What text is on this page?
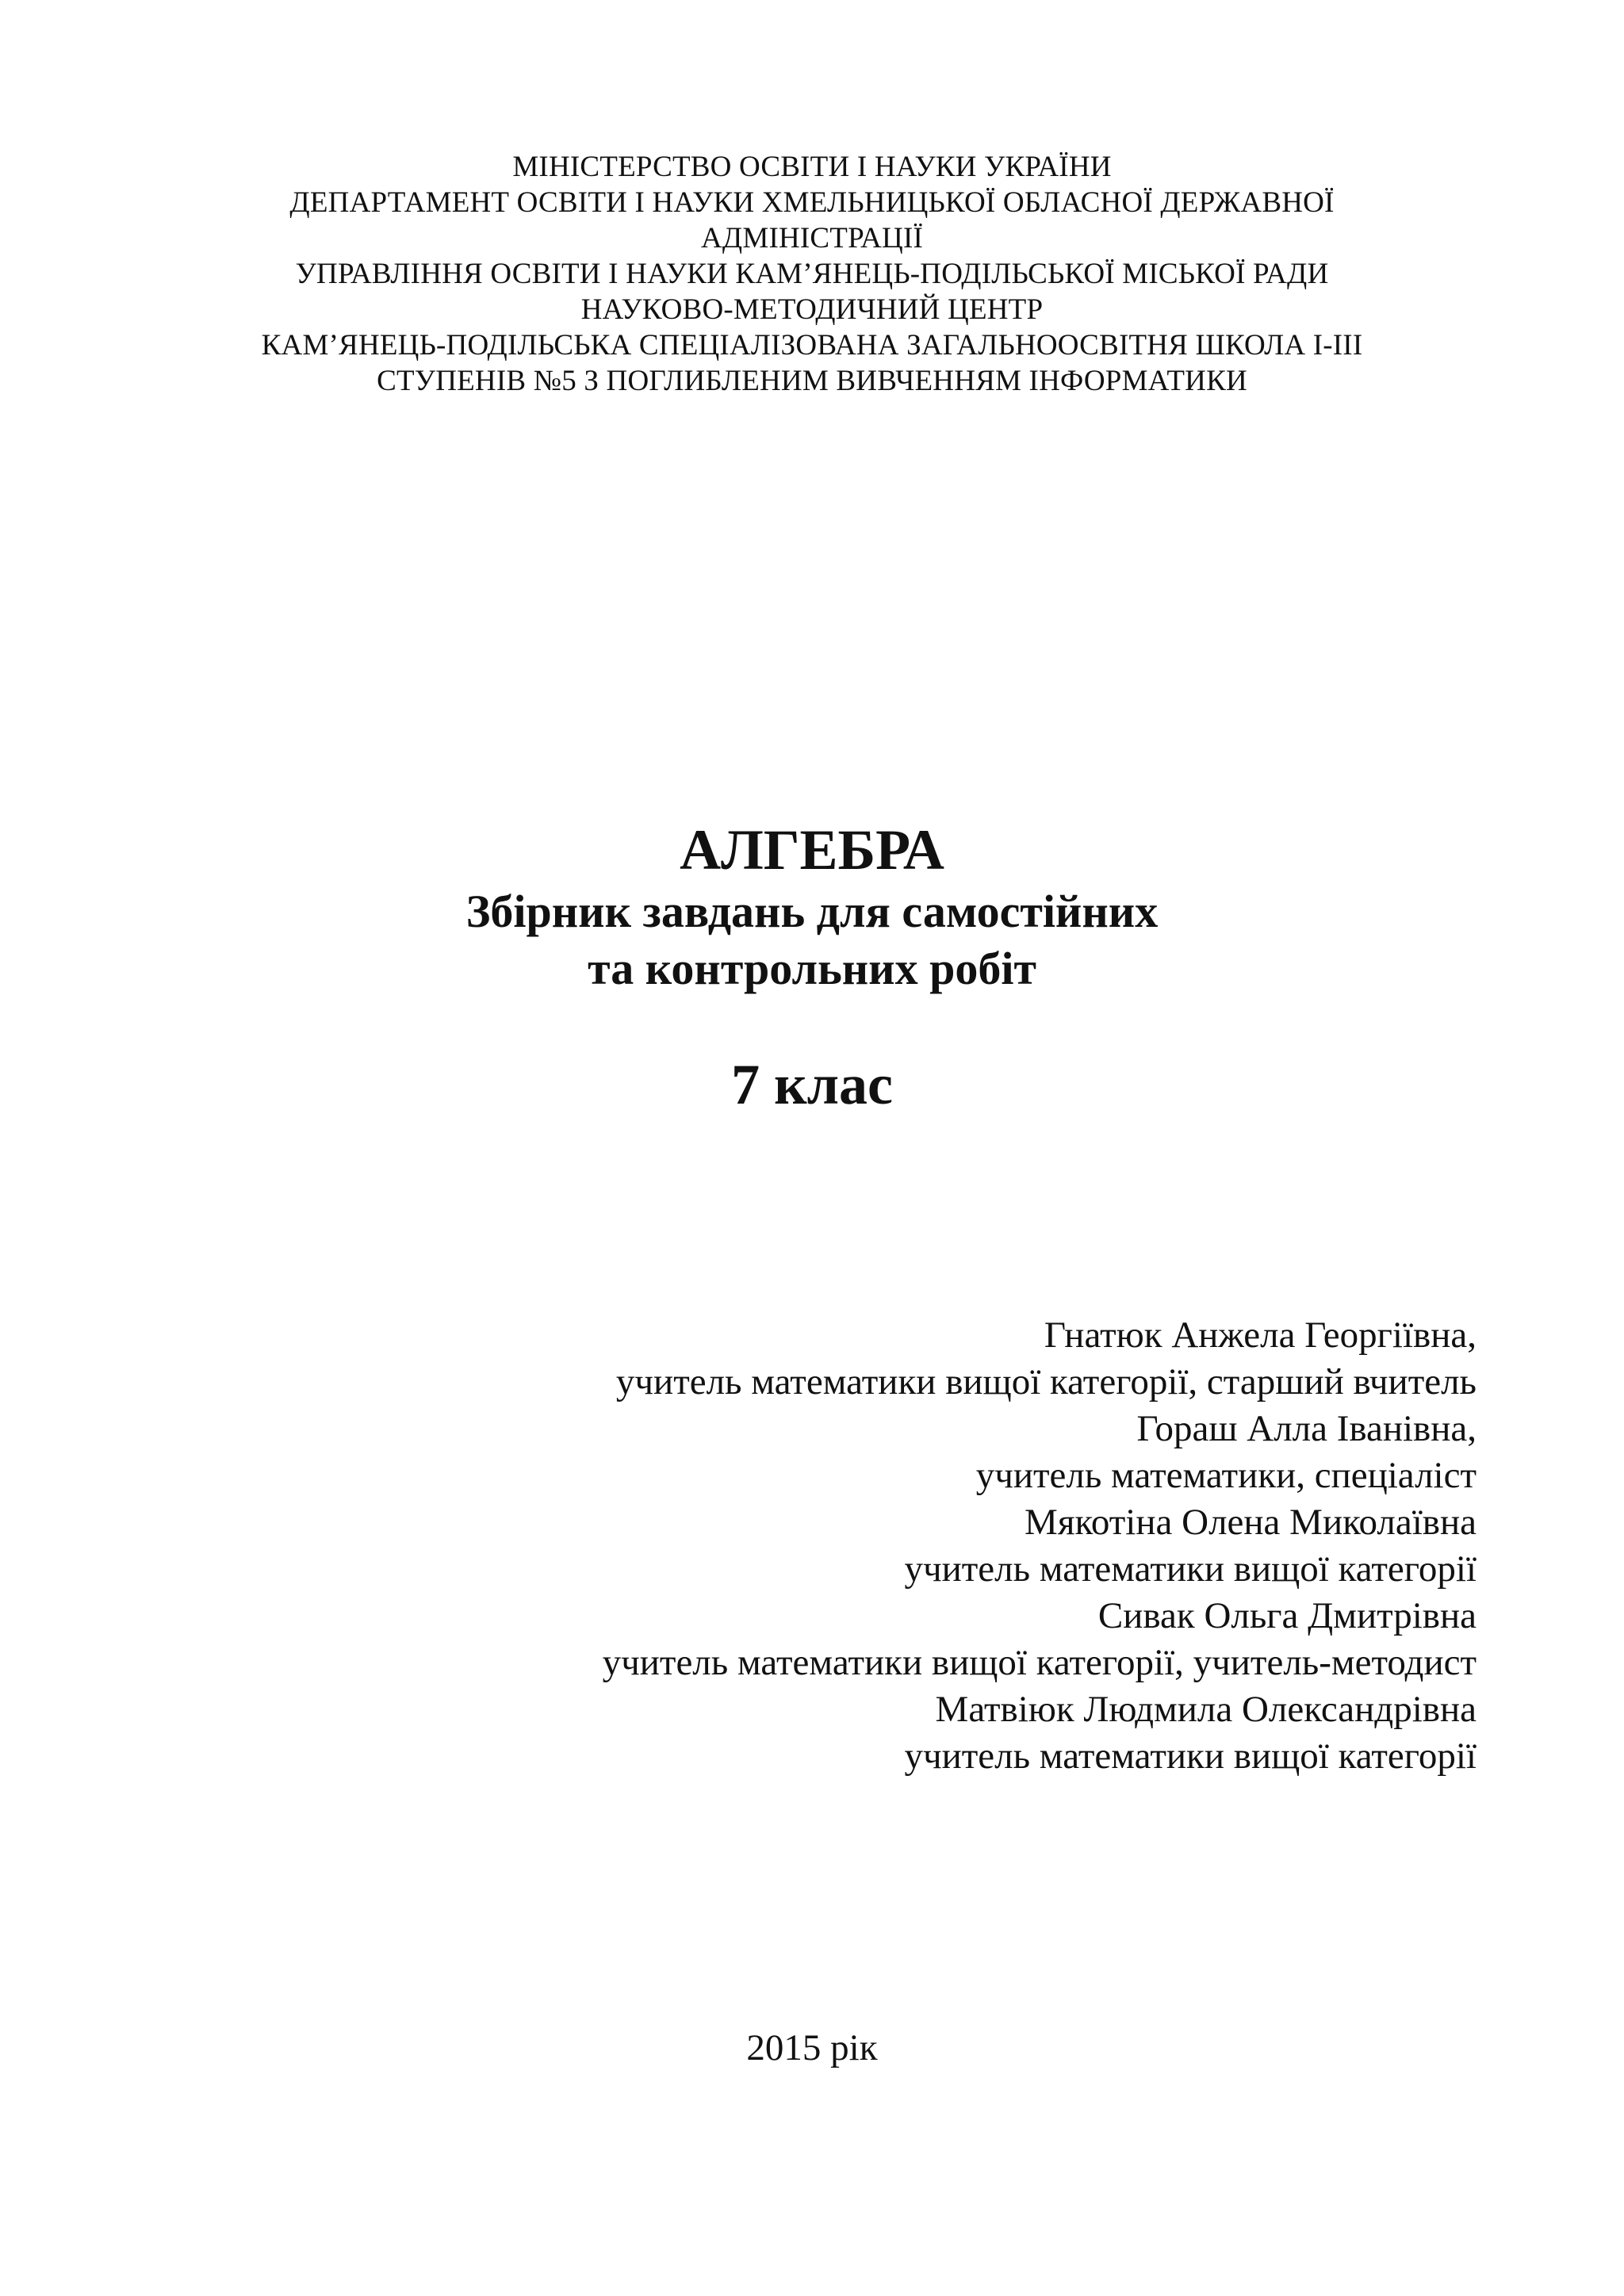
МІНІСТЕРСТВО ОСВІТИ І НАУКИ УКРАЇНИ
ДЕПАРТАМЕНТ ОСВІТИ І НАУКИ ХМЕЛЬНИЦЬКОЇ ОБЛАСНОЇ ДЕРЖАВНОЇ
АДМІНІСТРАЦІЇ
УПРАВЛІННЯ ОСВІТИ І НАУКИ КАМ’ЯНЕЦЬ-ПОДІЛЬСЬКОЇ МІСЬКОЇ РАДИ
НАУКОВО-МЕТОДИЧНИЙ ЦЕНТР
КАМ’ЯНЕЦЬ-ПОДІЛЬСЬКА СПЕЦІАЛІЗОВАНА ЗАГАЛЬНООСВІТНЯ ШКОЛА І-ІІІ
СТУПЕНІВ №5 З ПОГЛИБЛЕНИМ ВИВЧЕННЯМ ІНФОРМАТИКИ
АЛГЕБРА
Збірник завдань для самостійних
та контрольних робіт
7 клас
Гнатюк Анжела Георгіївна,
учитель математики вищої категорії, старший вчитель
Гораш Алла Іванівна,
учитель математики, спеціаліст
Мякотіна Олена Миколаївна
учитель математики вищої категорії
Сивак Ольга Дмитрівна
учитель математики вищої категорії, учитель-методист
Матвіюк Людмила Олександрівна
учитель математики вищої категорії
2015 рік
